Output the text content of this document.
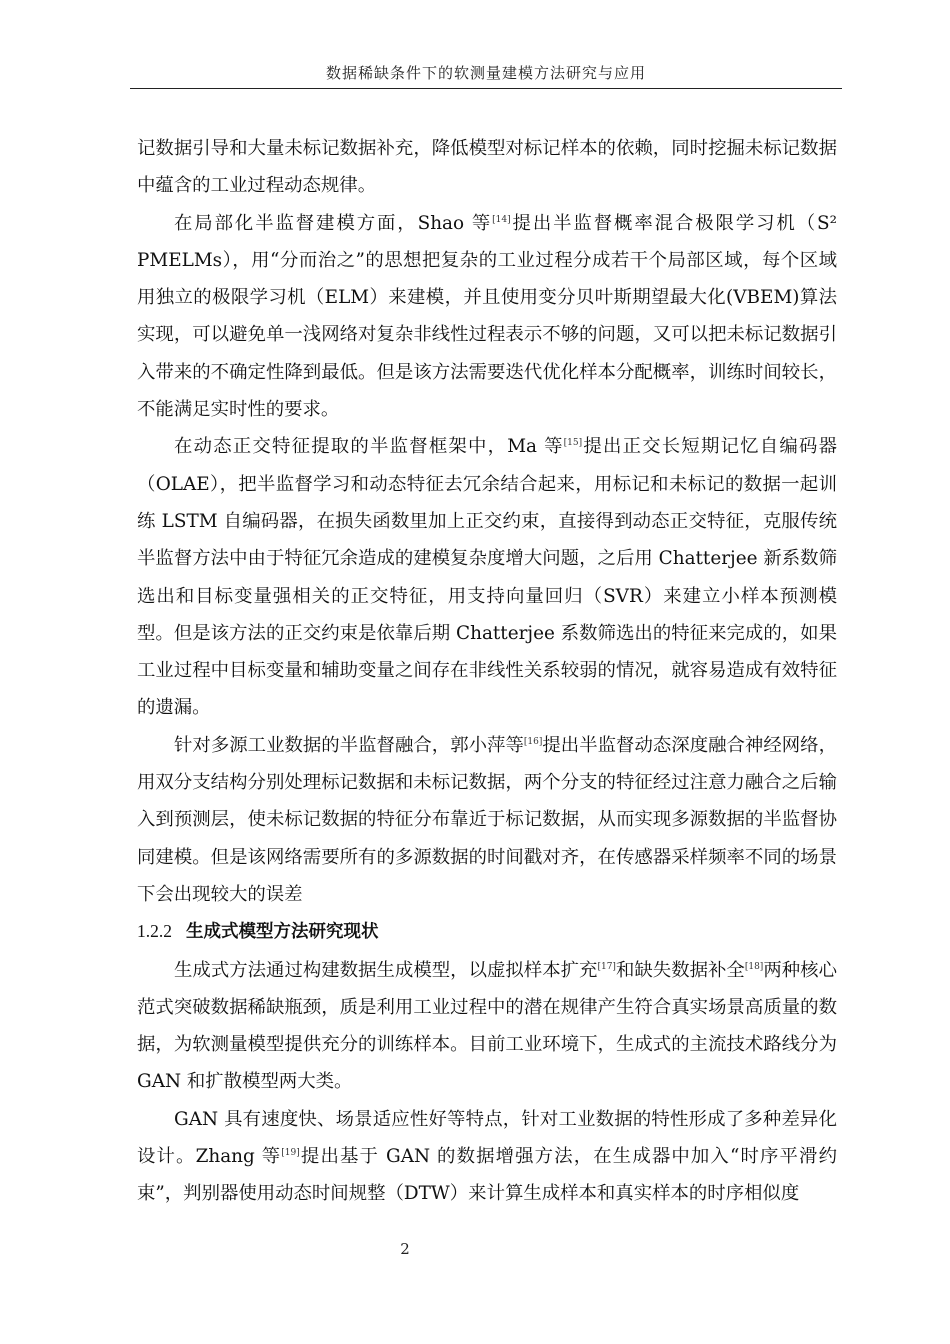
数据稀缺条件下的软测量建模方法研究与应用

记数据引导和大量未标记数据补充，降低模型对标记样本的依赖，同时挖掘未标记数据中蕴含的工业过程动态规律。

在局部化半监督建模方面，Shao 等[14]提出半监督概率混合极限学习机（S² PMELMs），用“分而治之”的思想把复杂的工业过程分成若干个局部区域，每个区域用独立的极限学习机（ELM）来建模，并且使用变分贝叶斯期望最大化(VBEM)算法实现，可以避免单一浅网络对复杂非线性过程表示不够的问题，又可以把未标记数据引入带来的不确定性降到最低。但是该方法需要迭代优化样本分配概率，训练时间较长，不能满足实时性的要求。

在动态正交特征提取的半监督框架中，Ma 等[15]提出正交长短期记忆自编码器（OLAE），把半监督学习和动态特征去冗余结合起来，用标记和未标记的数据一起训练 LSTM 自编码器，在损失函数里加上正交约束，直接得到动态正交特征，克服传统半监督方法中由于特征冗余造成的建模复杂度增大问题，之后用 Chatterjee 新系数筛选出和目标变量强相关的正交特征，用支持向量回归（SVR）来建立小样本预测模型。但是该方法的正交约束是依靠后期 Chatterjee 系数筛选出的特征来完成的，如果工业过程中目标变量和辅助变量之间存在非线性关系较弱的情况，就容易造成有效特征的遗漏。

针对多源工业数据的半监督融合，郭小萍等[16]提出半监督动态深度融合神经网络，用双分支结构分别处理标记数据和未标记数据，两个分支的特征经过注意力融合之后输入到预测层，使未标记数据的特征分布靠近于标记数据，从而实现多源数据的半监督协同建模。但是该网络需要所有的多源数据的时间戳对齐，在传感器采样频率不同的场景下会出现较大的误差

1.2.2 生成式模型方法研究现状

生成式方法通过构建数据生成模型，以虚拟样本扩充[17]和缺失数据补全[18]两种核心范式突破数据稀缺瓶颈，质是利用工业过程中的潜在规律产生符合真实场景高质量的数据，为软测量模型提供充分的训练样本。目前工业环境下，生成式的主流技术路线分为 GAN 和扩散模型两大类。

GAN 具有速度快、场景适应性好等特点，针对工业数据的特性形成了多种差异化设计。Zhang 等[19]提出基于 GAN 的数据增强方法，在生成器中加入“时序平滑约束”，判别器使用动态时间规整（DTW）来计算生成样本和真实样本的时序相似度

2
